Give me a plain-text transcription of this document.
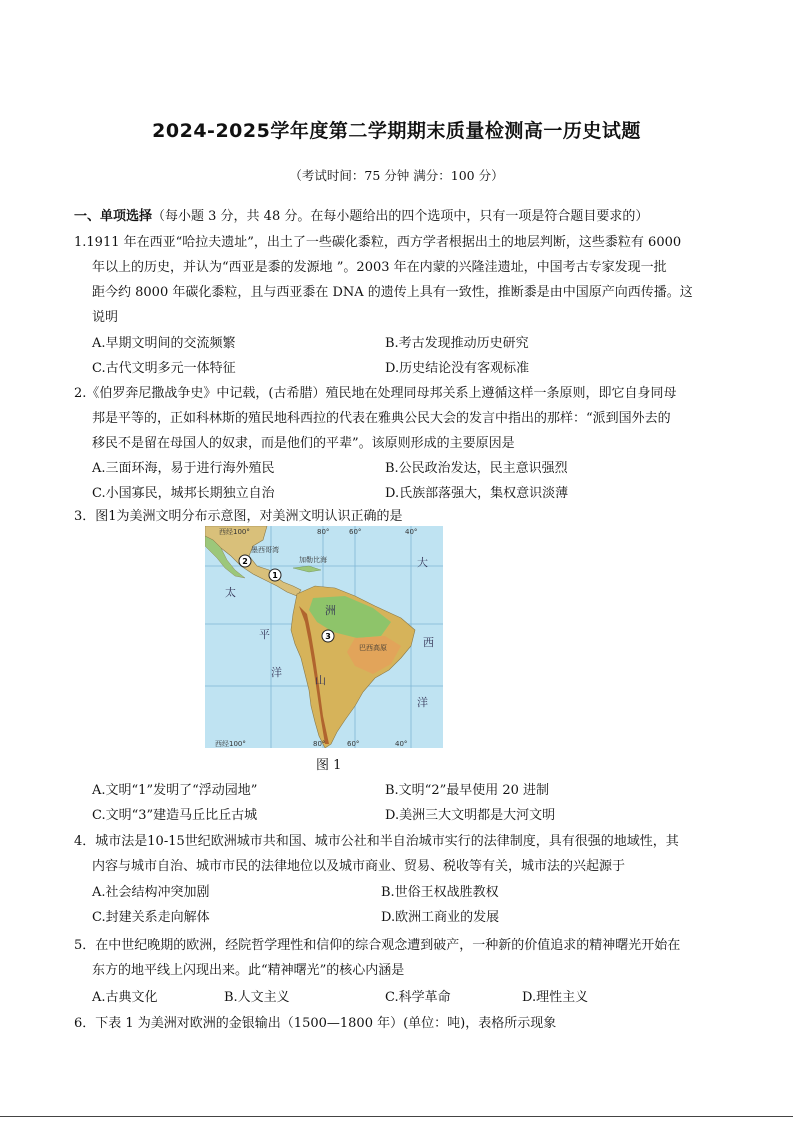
2024-2025学年度第二学期期末质量检测高一历史试题
（考试时间：75 分钟 满分：100 分）
一、单项选择（每小题 3 分，共 48 分。在每小题给出的四个选项中，只有一项是符合题目要求的）
1.1911 年在西亚“哈拉夫遗址”，出土了一些碳化黍粒，西方学者根据出土的地层判断，这些黍粒有 6000
年以上的历史，并认为“西亚是黍的发源地 ”。2003 年在内蒙的兴隆洼遗址，中国考古专家发现一批
距今约 8000 年碳化黍粒，且与西亚黍在 DNA 的遗传上具有一致性，推断黍是由中国原产向西传播。这
说明
A.早期文明间的交流频繁	B.考古发现推动历史研究
C.古代文明多元一体特征	D.历史结论没有客观标准
2.《伯罗奔尼撒战争史》中记载，(古希腊）殖民地在处理同母邦关系上遵循这样一条原则，即它自身同母
邦是平等的，正如科林斯的殖民地科西拉的代表在雅典公民大会的发言中指出的那样：“派到国外去的
移民不是留在母国人的奴隶，而是他们的平辈”。该原则形成的主要原因是
A.三面环海，易于进行海外殖民	B.公民政治发达，民主意识强烈
C.小国寡民，城邦长期独立自治	D.氏族部落强大，集权意识淡薄
3．图1为美洲文明分布示意图，对美洲文明认识正确的是
西经100°	80°	60°	40°
西经100°	80°	60°	40°
墨西哥湾
加勒比海
巴西高原
太
平
洋
大
西
洋
洲
山
1
2
3
图 1
A.文明“1”发明了“浮动园地”	B.文明“2”最早使用 20 进制
C.文明“3”建造马丘比丘古城	D.美洲三大文明都是大河文明
4．城市法是10-15世纪欧洲城市共和国、城市公社和半自治城市实行的法律制度，具有很强的地域性，其
内容与城市自治、城市市民的法律地位以及城市商业、贸易、税收等有关，城市法的兴起源于
A.社会结构冲突加剧	B.世俗王权战胜教权
C.封建关系走向解体	D.欧洲工商业的发展
5．在中世纪晚期的欧洲，经院哲学理性和信仰的综合观念遭到破产，一种新的价值追求的精神曙光开始在
东方的地平线上闪现出来。此“精神曙光”的核心内涵是
A.古典文化	B.人文主义	C.科学革命	D.理性主义
6．下表 1 为美洲对欧洲的金银输出（1500—1800 年）(单位：吨)，表格所示现象
